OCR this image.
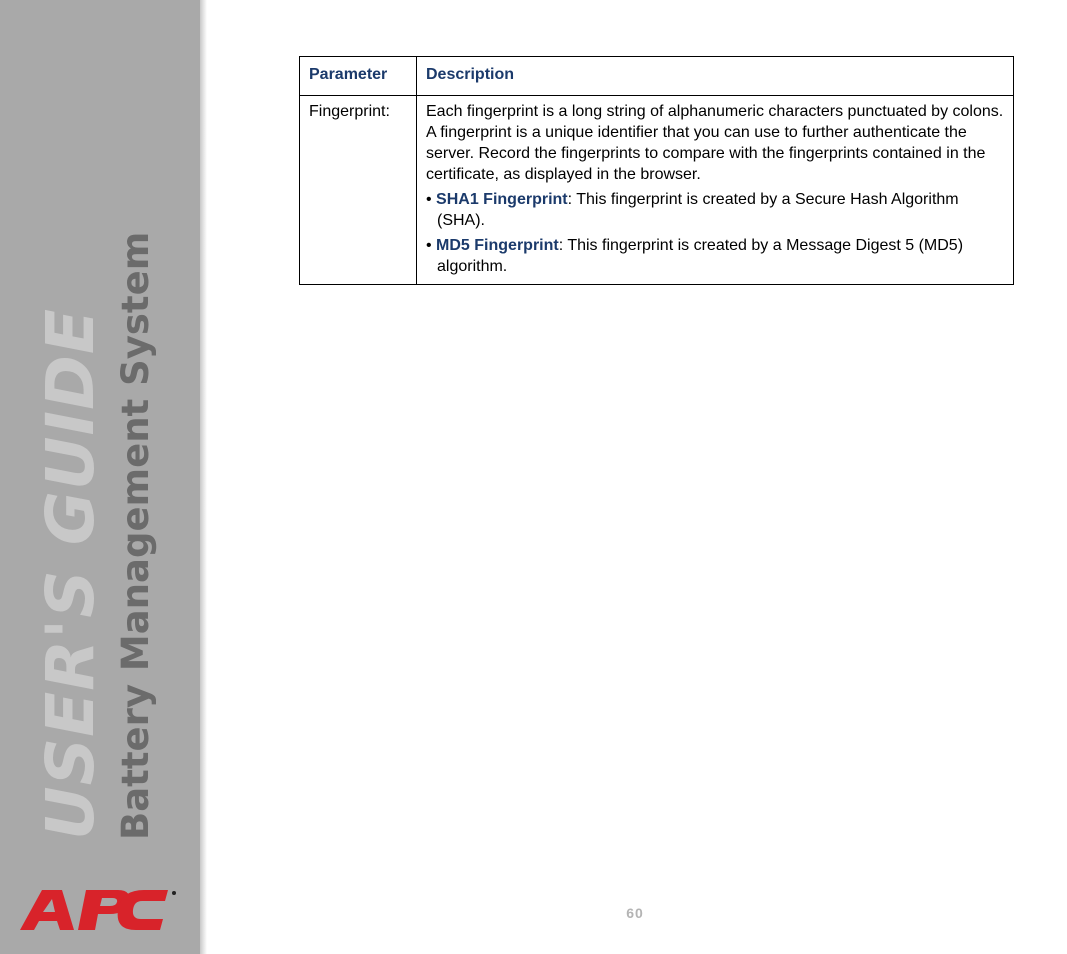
USER'S GUIDE Battery Management System
Parameter	Description
Fingerprint:	Each fingerprint is a long string of alphanumeric characters punctuated by colons. A fingerprint is a unique identifier that you can use to further authenticate the server. Record the fingerprints to compare with the fingerprints contained in the certificate, as displayed in the browser.

• SHA1 Fingerprint: This fingerprint is created by a Secure Hash Algorithm (SHA).

• MD5 Fingerprint: This fingerprint is created by a Message Digest 5 (MD5) algorithm.

60
